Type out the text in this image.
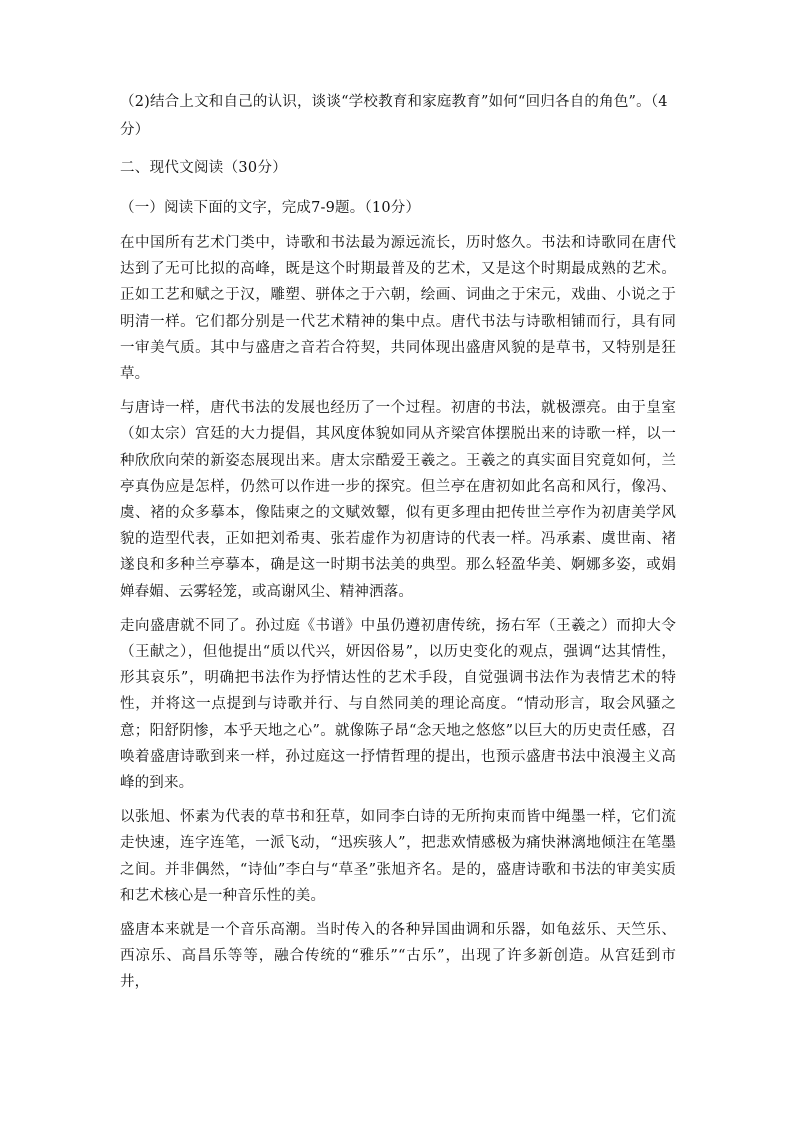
（2)结合上文和自己的认识，谈谈“学校教育和家庭教育”如何“回归各自的角色”。（4分）

二、现代文阅读（30分）

（一）阅读下面的文字，完成7-9题。（10分）

在中国所有艺术门类中，诗歌和书法最为源远流长，历时悠久。书法和诗歌同在唐代达到了无可比拟的高峰，既是这个时期最普及的艺术，又是这个时期最成熟的艺术。正如工艺和赋之于汉，雕塑、骈体之于六朝，绘画、词曲之于宋元，戏曲、小说之于明清一样。它们都分别是一代艺术精神的集中点。唐代书法与诗歌相铺而行，具有同一审美气质。其中与盛唐之音若合符契，共同体现出盛唐风貌的是草书，又特别是狂草。

与唐诗一样，唐代书法的发展也经历了一个过程。初唐的书法，就极漂亮。由于皇室（如太宗）宫廷的大力提倡，其风度体貌如同从齐梁宫体摆脱出来的诗歌一样，以一种欣欣向荣的新姿态展现出来。唐太宗酷爱王羲之。王羲之的真实面目究竟如何，兰亭真伪应是怎样，仍然可以作进一步的探究。但兰亭在唐初如此名高和风行，像冯、虞、褚的众多摹本，像陆柬之的文赋效颦，似有更多理由把传世兰亭作为初唐美学风貌的造型代表，正如把刘希夷、张若虚作为初唐诗的代表一样。冯承素、虞世南、褚遂良和多种兰亭摹本，确是这一时期书法美的典型。那么轻盈华美、婀娜多姿，或娟婵春媚、云雾轻笼，或高谢风尘、精神洒落。

走向盛唐就不同了。孙过庭《书谱》中虽仍遵初唐传统，扬右军（王羲之）而抑大令（王献之），但他提出“质以代兴，妍因俗易”，以历史变化的观点，强调“达其情性，形其哀乐”，明确把书法作为抒情达性的艺术手段，自觉强调书法作为表情艺术的特性，并将这一点提到与诗歌并行、与自然同美的理论高度。“情动形言，取会风骚之意；阳舒阴惨，本乎天地之心”。就像陈子昂“念天地之悠悠”以巨大的历史责任感，召唤着盛唐诗歌到来一样，孙过庭这一抒情哲理的提出，也预示盛唐书法中浪漫主义高峰的到来。

以张旭、怀素为代表的草书和狂草，如同李白诗的无所拘束而皆中绳墨一样，它们流走快速，连字连笔，一派飞动，“迅疾骇人”，把悲欢情感极为痛快淋漓地倾注在笔墨之间。并非偶然，“诗仙”李白与“草圣”张旭齐名。是的，盛唐诗歌和书法的审美实质和艺术核心是一种音乐性的美。

盛唐本来就是一个音乐高潮。当时传入的各种异国曲调和乐器，如龟兹乐、天竺乐、西凉乐、高昌乐等等，融合传统的“雅乐”“古乐”，出现了许多新创造。从宫廷到市井，
